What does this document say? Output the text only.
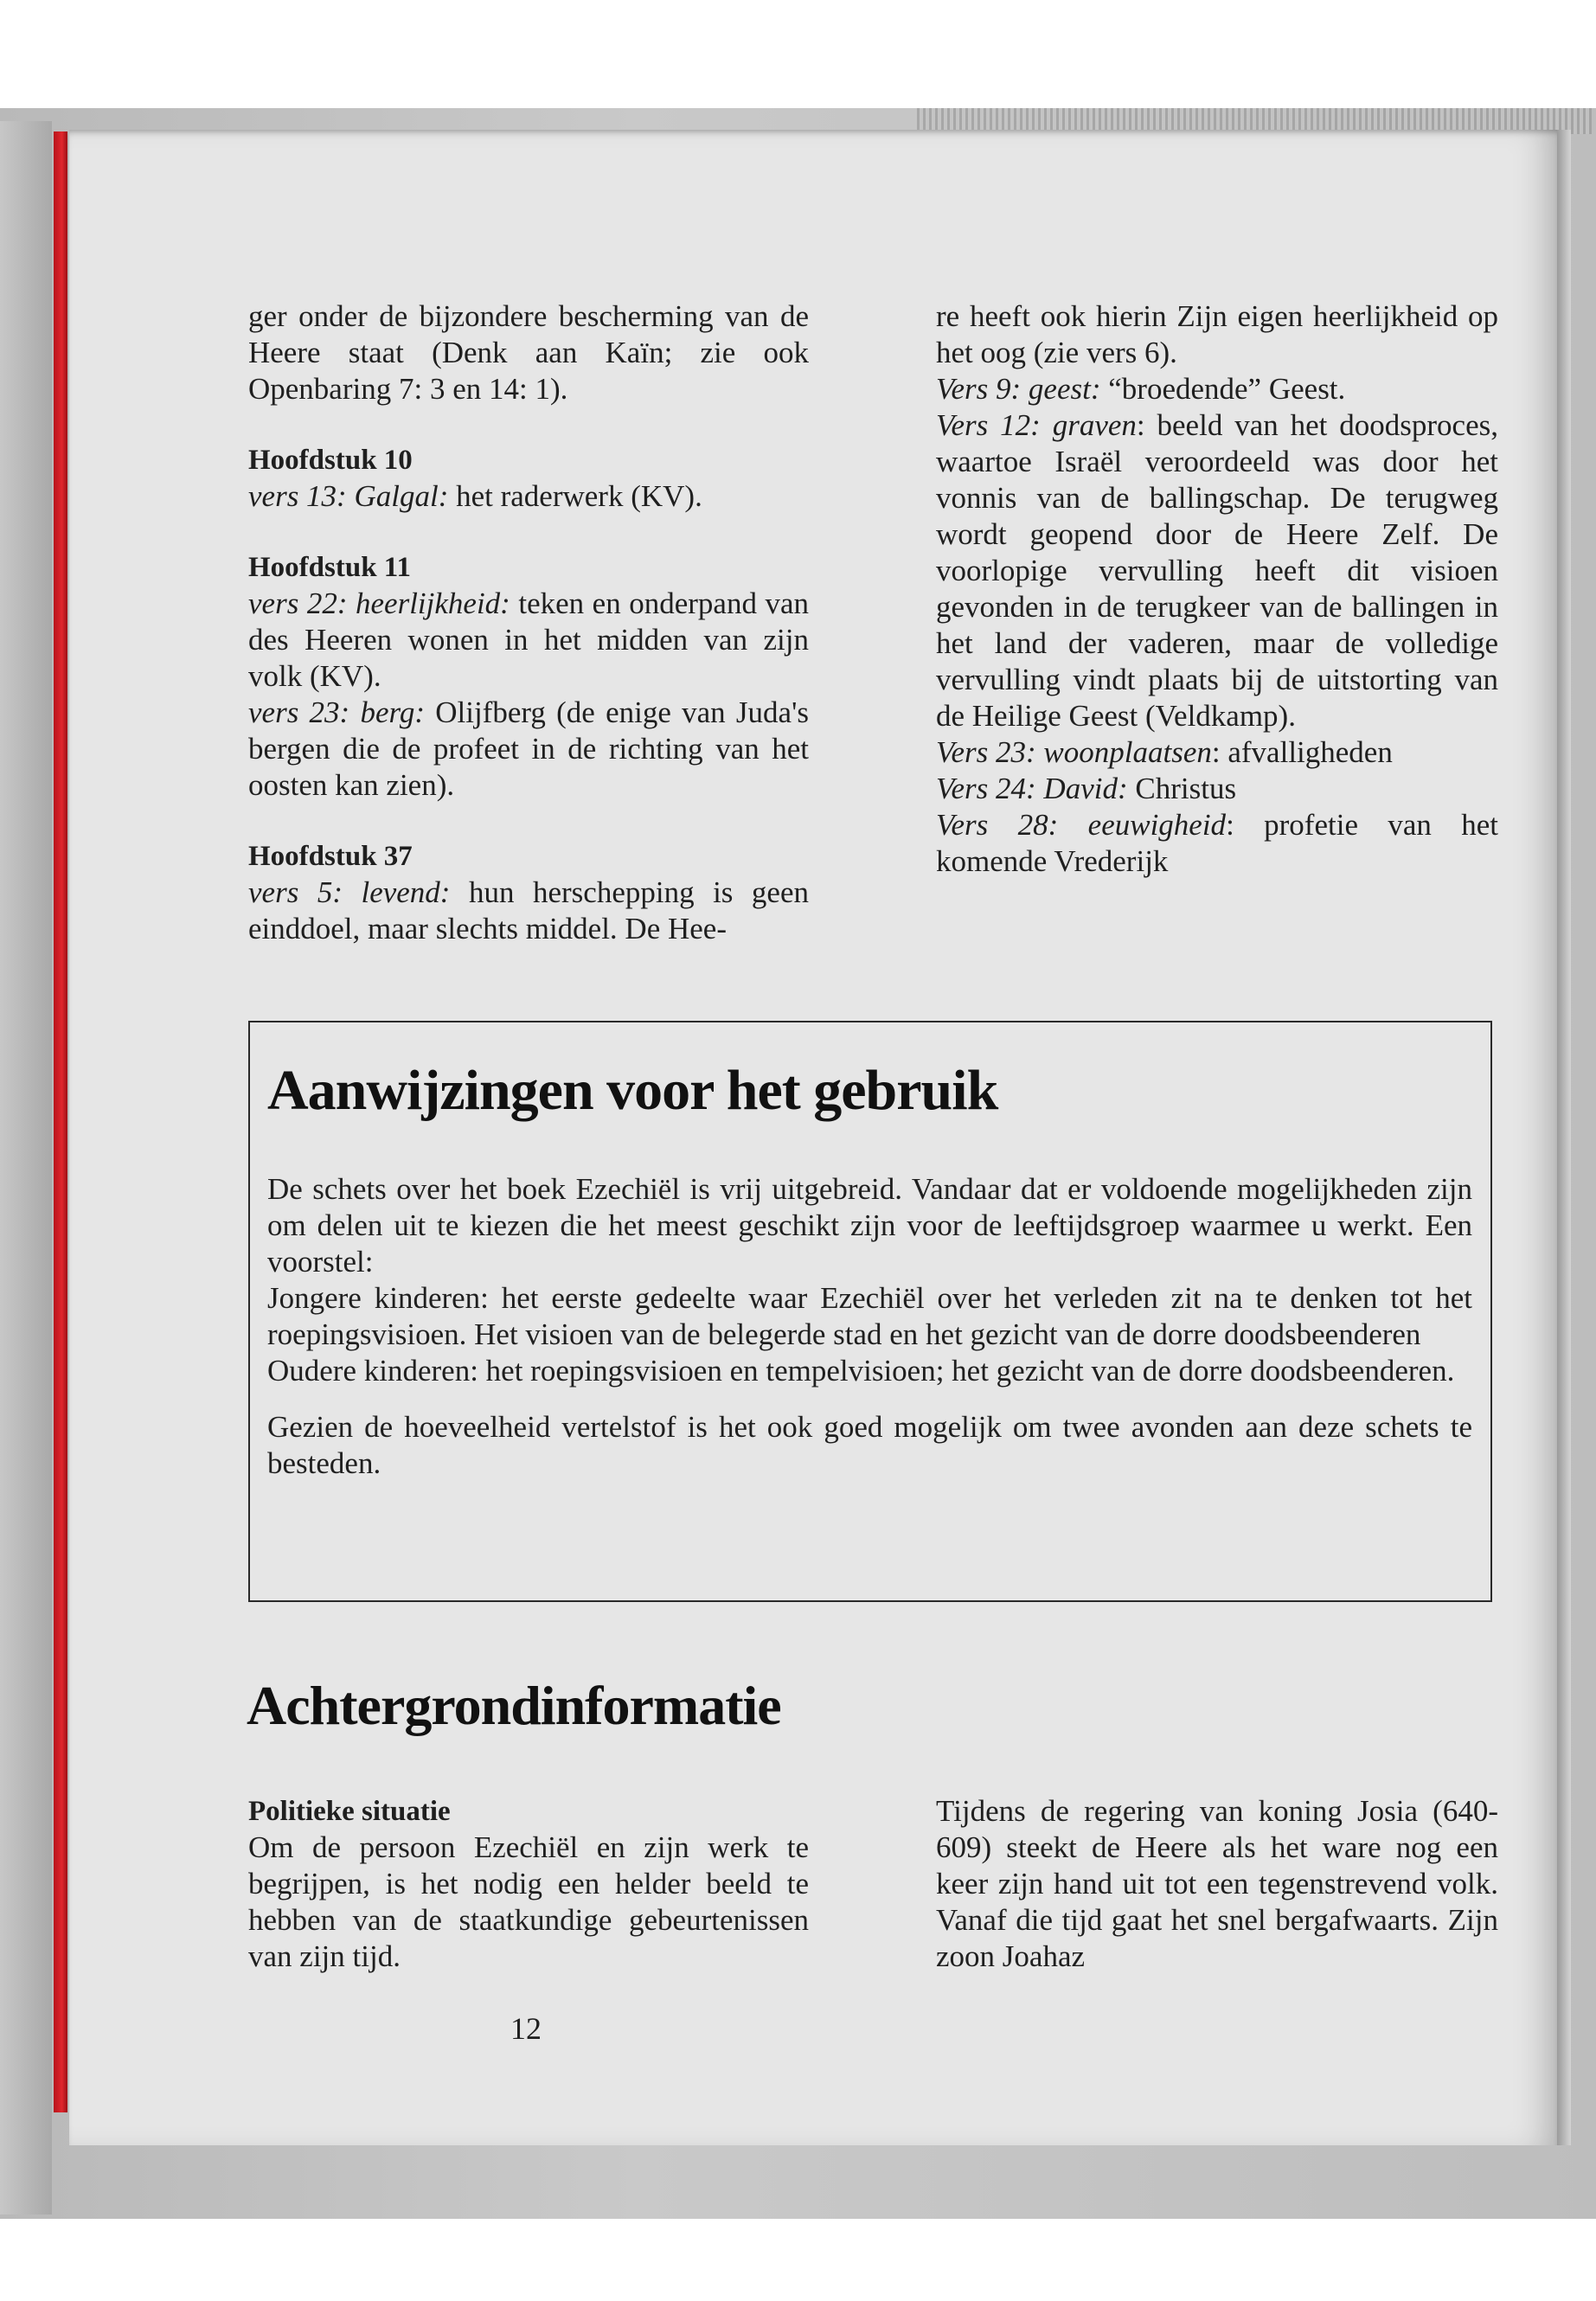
ger onder de bijzondere bescherming van de Heere staat (Denk aan Kaïn; zie ook Openbaring 7: 3 en 14: 1).

Hoofdstuk 10

vers 13: Galgal: het raderwerk (KV).

Hoofdstuk 11

vers 22: heerlijkheid: teken en onderpand van des Heeren wonen in het midden van zijn volk (KV).

vers 23: berg: Olijfberg (de enige van Juda's bergen die de profeet in de richting van het oosten kan zien).

Hoofdstuk 37

vers 5: levend: hun herschepping is geen einddoel, maar slechts middel. De Hee-

re heeft ook hierin Zijn eigen heerlijkheid op het oog (zie vers 6).

Vers 9: geest: “broedende” Geest.

Vers 12: graven: beeld van het doodsproces, waartoe Israël veroordeeld was door het vonnis van de ballingschap. De terugweg wordt geopend door de Heere Zelf. De voorlopige vervulling heeft dit visioen gevonden in de terugkeer van de ballingen in het land der vaderen, maar de volledige vervulling vindt plaats bij de uitstorting van de Heilige Geest (Veldkamp).

Vers 23: woonplaatsen: afvalligheden

Vers 24: David: Christus

Vers 28: eeuwigheid: profetie van het komende Vrederijk

Aanwijzingen voor het gebruik

De schets over het boek Ezechiël is vrij uitgebreid. Vandaar dat er voldoende mogelijkheden zijn om delen uit te kiezen die het meest geschikt zijn voor de leeftijdsgroep waarmee u werkt. Een voorstel:

Jongere kinderen: het eerste gedeelte waar Ezechiël over het verleden zit na te denken tot het roepingsvisioen. Het visioen van de belegerde stad en het gezicht van de dorre doodsbeenderen

Oudere kinderen: het roepingsvisioen en tempelvisioen; het gezicht van de dorre doodsbeenderen.

Gezien de hoeveelheid vertelstof is het ook goed mogelijk om twee avonden aan deze schets te besteden.

Achtergrondinformatie

Politieke situatie

Om de persoon Ezechiël en zijn werk te begrijpen, is het nodig een helder beeld te hebben van de staatkundige gebeurtenissen van zijn tijd.

Tijdens de regering van koning Josia (640-609) steekt de Heere als het ware nog een keer zijn hand uit tot een tegenstrevend volk. Vanaf die tijd gaat het snel bergafwaarts. Zijn zoon Joahaz

12
